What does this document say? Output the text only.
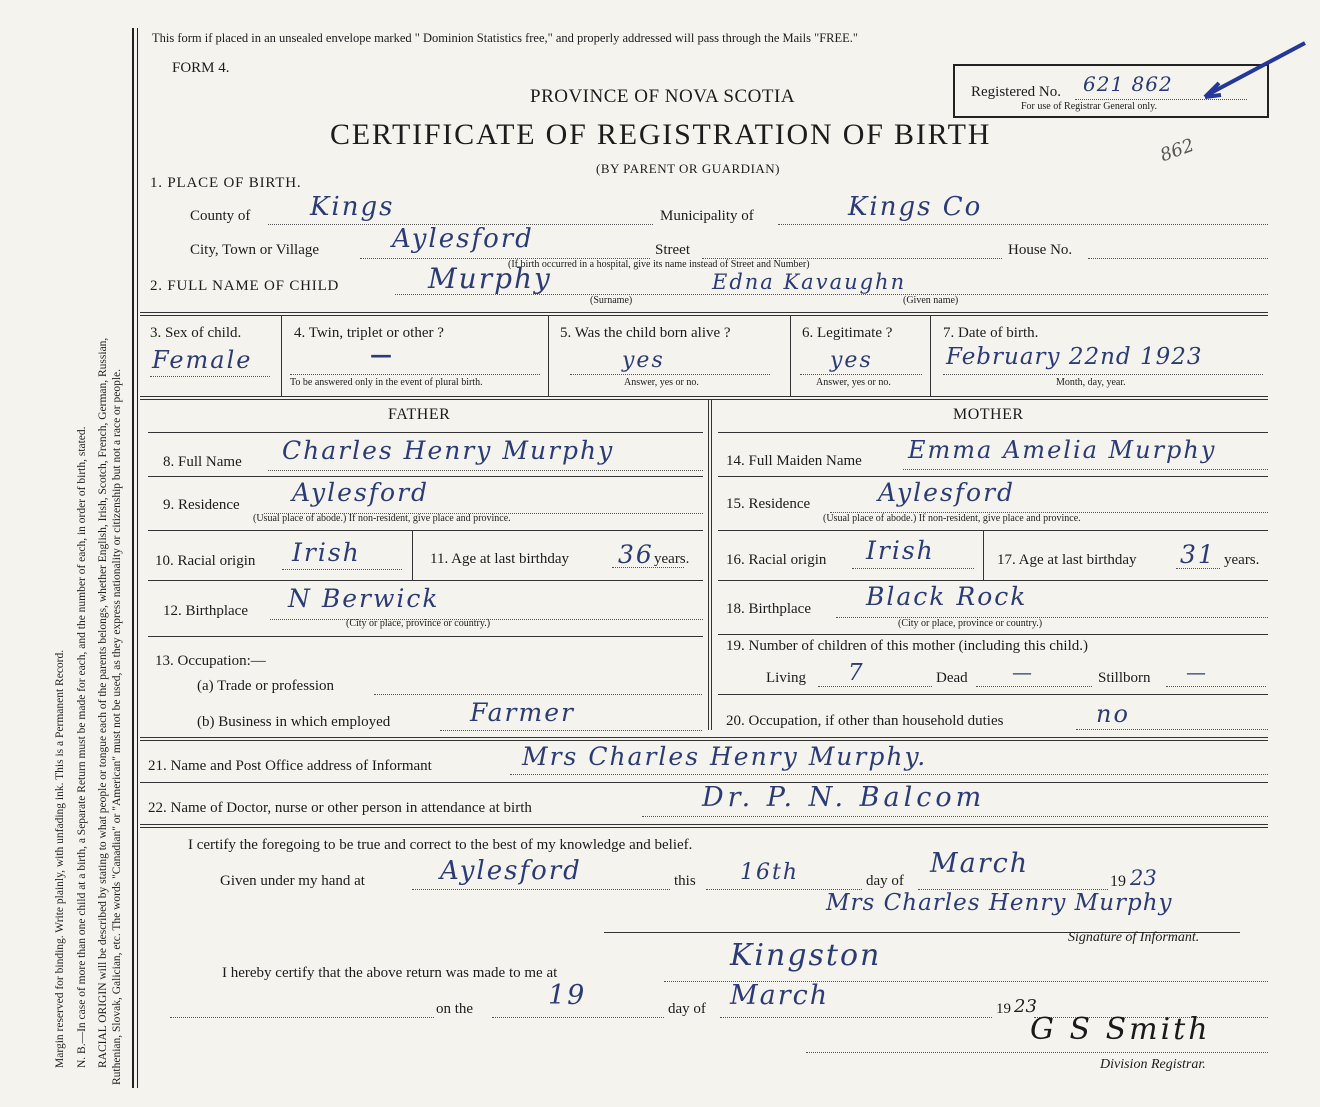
Margin reserved for binding. Write plainly, with unfading ink. This is a Permanent Record. N. B.—In case of more than one child at a birth, a Separate Return must be made for each, and the number of each, in order of birth, stated. RACIAL ORIGIN will be described by stating to what people or tongue each of the parents belongs, whether English, Irish, Scotch, French, German, Russian, Ruthenian, Slovak, Galician, etc. The words "Canadian" or "American" must not be used, as they express nationality or citizenship but not a race or people.
This form if placed in an unsealed envelope marked " Dominion Statistics free," and properly addressed will pass through the Mails "FREE."
FORM 4.
PROVINCE OF NOVA SCOTIA
CERTIFICATE OF REGISTRATION OF BIRTH
(BY PARENT OR GUARDIAN)
Registered No. 621 862
For use of Registrar General only.
862
1. PLACE OF BIRTH.
County of Kings	Municipality of	Kings Co
City, Town or Village	Aylesford	Street	House No.
(If birth occurred in a hospital, give its name instead of Street and Number)
2. FULL NAME OF CHILD	Murphy	Edna Kavaughn
(Surname)	(Given name)
3. Sex of child.
Female
4. Twin, triplet or other ?
—
To be answered only in the event of plural birth.
5. Was the child born alive ?
yes
Answer, yes or no.
6. Legitimate ?
yes
Answer, yes or no.
7. Date of birth.
February 22nd 1923
Month, day, year.
FATHER	MOTHER
8. Full Name Charles Henry Murphy
9. Residence Aylesford
(Usual place of abode.) If non-resident, give place and province.
10. Racial origin Irish	11. Age at last birthday 36 years.
12. Birthplace N Berwick
(City or place, province or country.)
13. Occupation:—
(a) Trade or profession
(b) Business in which employed	Farmer
14. Full Maiden Name Emma Amelia Murphy
15. Residence	Aylesford
(Usual place of abode.) If non-resident, give place and province.
16. Racial origin Irish	17. Age at last birthday 31 years.
18. Birthplace Black Rock
(City or place, province or country.)
19. Number of children of this mother (including this child.)
Living 7	Dead —	Stillborn —
20. Occupation, if other than household duties	no
21. Name and Post Office address of Informant	Mrs Charles Henry Murphy.
22. Name of Doctor, nurse or other person in attendance at birth	Dr. P. N. Balcom
I certify the foregoing to be true and correct to the best of my knowledge and belief.
Given under my hand at	Aylesford	this 16th	day of
March
19 23
Mrs Charles Henry Murphy
Signature of Informant.
I hereby certify that the above return was made to me at	Kingston
on the	19	day of March	19 23
G S Smith
Division Registrar.
